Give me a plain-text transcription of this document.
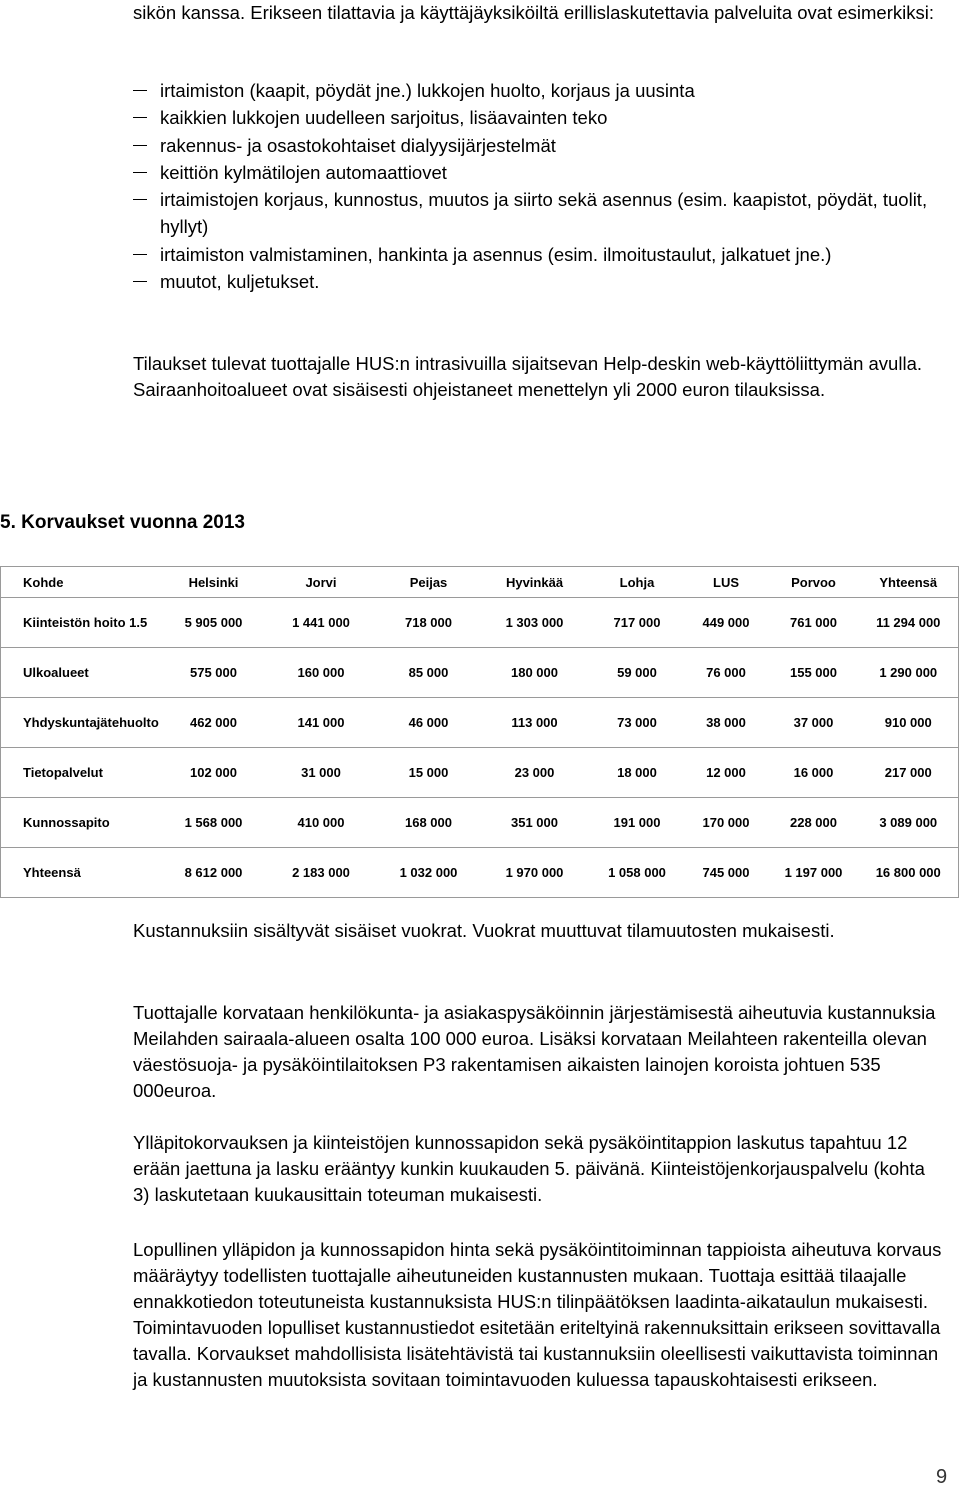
sikön kanssa. Erikseen tilattavia ja käyttäjäyksiköiltä erillislaskutettavia palveluita ovat esimerkiksi:

irtaimiston (kaapit, pöydät jne.) lukkojen huolto, korjaus ja uusinta
kaikkien lukkojen uudelleen sarjoitus, lisäavainten teko
rakennus- ja osastokohtaiset dialyysijärjestelmät
keittiön kylmätilojen automaattiovet
irtaimistojen korjaus, kunnostus, muutos ja siirto sekä asennus (esim. kaapistot, pöydät, tuolit, hyllyt)
irtaimiston valmistaminen, hankinta ja asennus (esim. ilmoitustaulut, jalkatuet jne.)
muutot, kuljetukset.

Tilaukset tulevat tuottajalle HUS:n intrasivuilla sijaitsevan Help-deskin web-käyttöliittymän avulla. Sairaanhoitoalueet ovat sisäisesti ohjeistaneet menettelyn yli 2000 euron tilauksissa.

5. Korvaukset vuonna 2013
Kohde	Helsinki	Jorvi	Peijas	Hyvinkää	Lohja	LUS	Porvoo	Yhteensä
Kiinteistön hoito 1.5	5 905 000	1 441 000	718 000	1 303 000	717 000	449 000	761 000	11 294 000
Ulkoalueet	575 000	160 000	85 000	180 000	59 000	76 000	155 000	1 290 000
Yhdyskuntajätehuolto	462 000	141 000	46 000	113 000	73 000	38 000	37 000	910 000
Tietopalvelut	102 000	31 000	15 000	23 000	18 000	12 000	16 000	217 000
Kunnossapito	1 568 000	410 000	168 000	351 000	191 000	170 000	228 000	3 089 000
Yhteensä	8 612 000	2 183 000	1 032 000	1 970 000	1 058 000	745 000	1 197 000	16 800 000

Kustannuksiin sisältyvät sisäiset vuokrat. Vuokrat muuttuvat tilamuutosten mukaisesti.

Tuottajalle korvataan henkilökunta- ja asiakaspysäköinnin järjestämisestä aiheutuvia kustannuksia Meilahden sairaala-alueen osalta 100 000 euroa. Lisäksi korvataan Meilahteen rakenteilla olevan väestösuoja- ja pysäköintilaitoksen P3 rakentamisen aikaisten lainojen koroista johtuen 535 000euroa.

Ylläpitokorvauksen ja kiinteistöjen kunnossapidon sekä pysäköintitappion laskutus tapahtuu 12 erään jaettuna ja lasku erääntyy kunkin kuukauden 5. päivänä. Kiinteistöjenkorjauspalvelu (kohta 3) laskutetaan kuukausittain toteuman mukaisesti.

Lopullinen ylläpidon ja kunnossapidon hinta sekä pysäköintitoiminnan tappioista aiheutuva korvaus määräytyy todellisten tuottajalle aiheutuneiden kustannusten mukaan. Tuottaja esittää tilaajalle ennakkotiedon toteutuneista kustannuksista HUS:n tilinpäätöksen laadinta-aikataulun mukaisesti. Toimintavuoden lopulliset kustannustiedot esitetään eriteltyinä rakennuksittain erikseen sovittavalla tavalla. Korvaukset mahdollisista lisätehtävistä tai kustannuksiin oleellisesti vaikuttavista toiminnan ja kustannusten muutoksista sovitaan toimintavuoden kuluessa tapauskohtaisesti erikseen.

9
